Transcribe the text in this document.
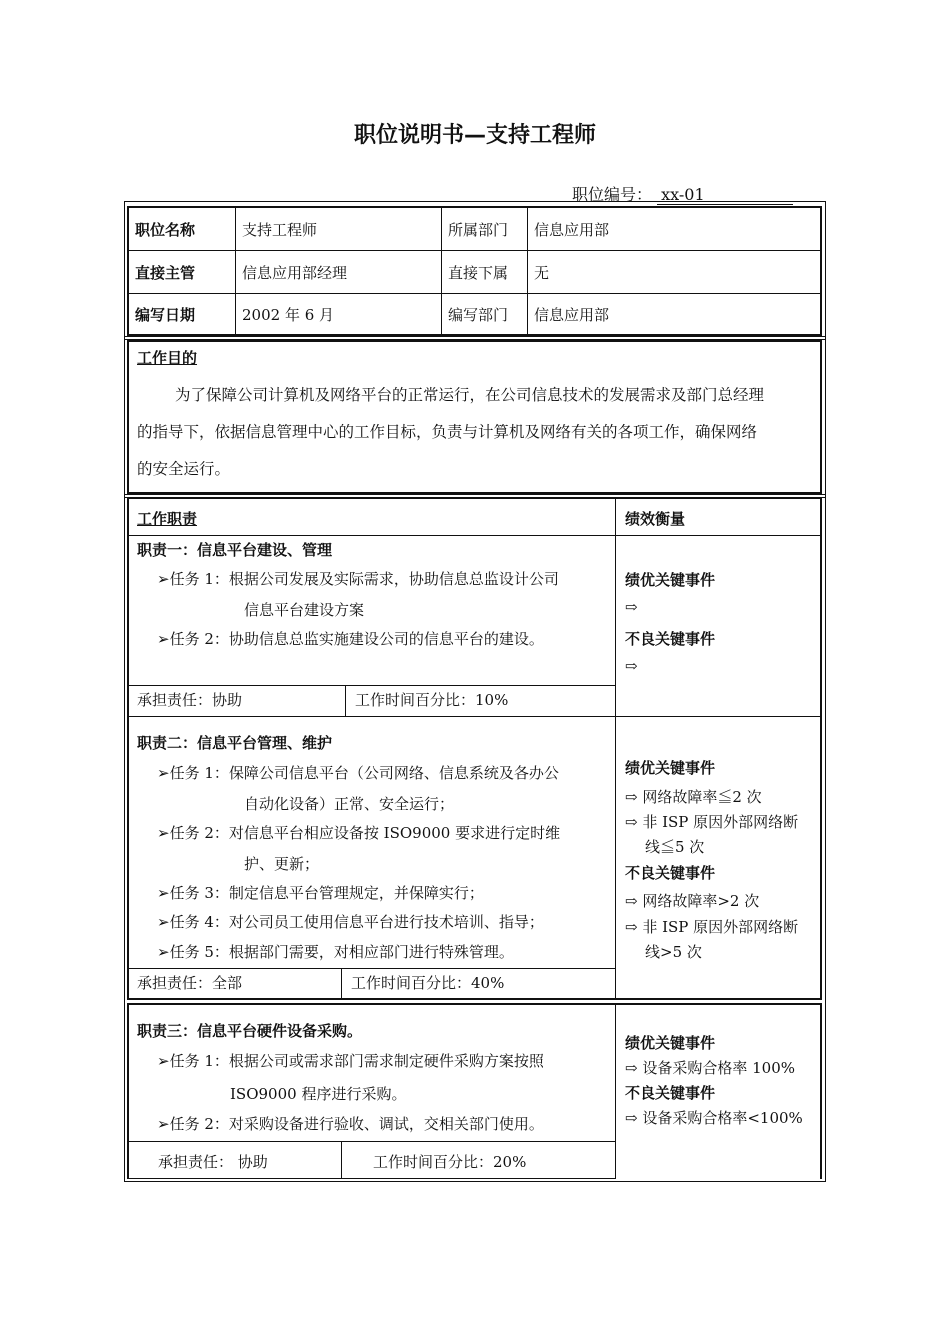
职位说明书—支持工程师
职位编号： xx-01
职位名称	支持工程师	所属部门	信息应用部
直接主管	信息应用部经理	直接下属	无
编写日期	2002 年 6 月	编写部门	信息应用部
工作目的
为了保障公司计算机及网络平台的正常运行，在公司信息技术的发展需求及部门总经理
的指导下，依据信息管理中心的工作目标，负责与计算机及网络有关的各项工作，确保网络
的安全运行。
工作职责	绩效衡量
职责一：信息平台建设、管理
➢任务 1：根据公司发展及实际需求，协助信息总监设计公司
信息平台建设方案
➢任务 2：协助信息总监实施建设公司的信息平台的建设。
承担责任：协助	工作时间百分比：10%
绩优关键事件
⇨
不良关键事件
⇨
职责二：信息平台管理、维护
➢任务 1：保障公司信息平台（公司网络、信息系统及各办公
自动化设备）正常、安全运行；
➢任务 2：对信息平台相应设备按 ISO9000 要求进行定时维
护、更新；
➢任务 3：制定信息平台管理规定，并保障实行；
➢任务 4：对公司员工使用信息平台进行技术培训、指导；
➢任务 5：根据部门需要，对相应部门进行特殊管理。
承担责任：全部	工作时间百分比：40%
绩优关键事件
⇨ 网络故障率≦2 次
⇨ 非 ISP 原因外部网络断
线≦5 次
不良关键事件
⇨ 网络故障率>2 次
⇨ 非 ISP 原因外部网络断
线>5 次
职责三：信息平台硬件设备采购。
➢任务 1：根据公司或需求部门需求制定硬件采购方案按照
ISO9000 程序进行采购。
➢任务 2：对采购设备进行验收、调试，交相关部门使用。
承担责任： 协助	工作时间百分比：20%
绩优关键事件
⇨ 设备采购合格率 100%
不良关键事件
⇨ 设备采购合格率<100%
